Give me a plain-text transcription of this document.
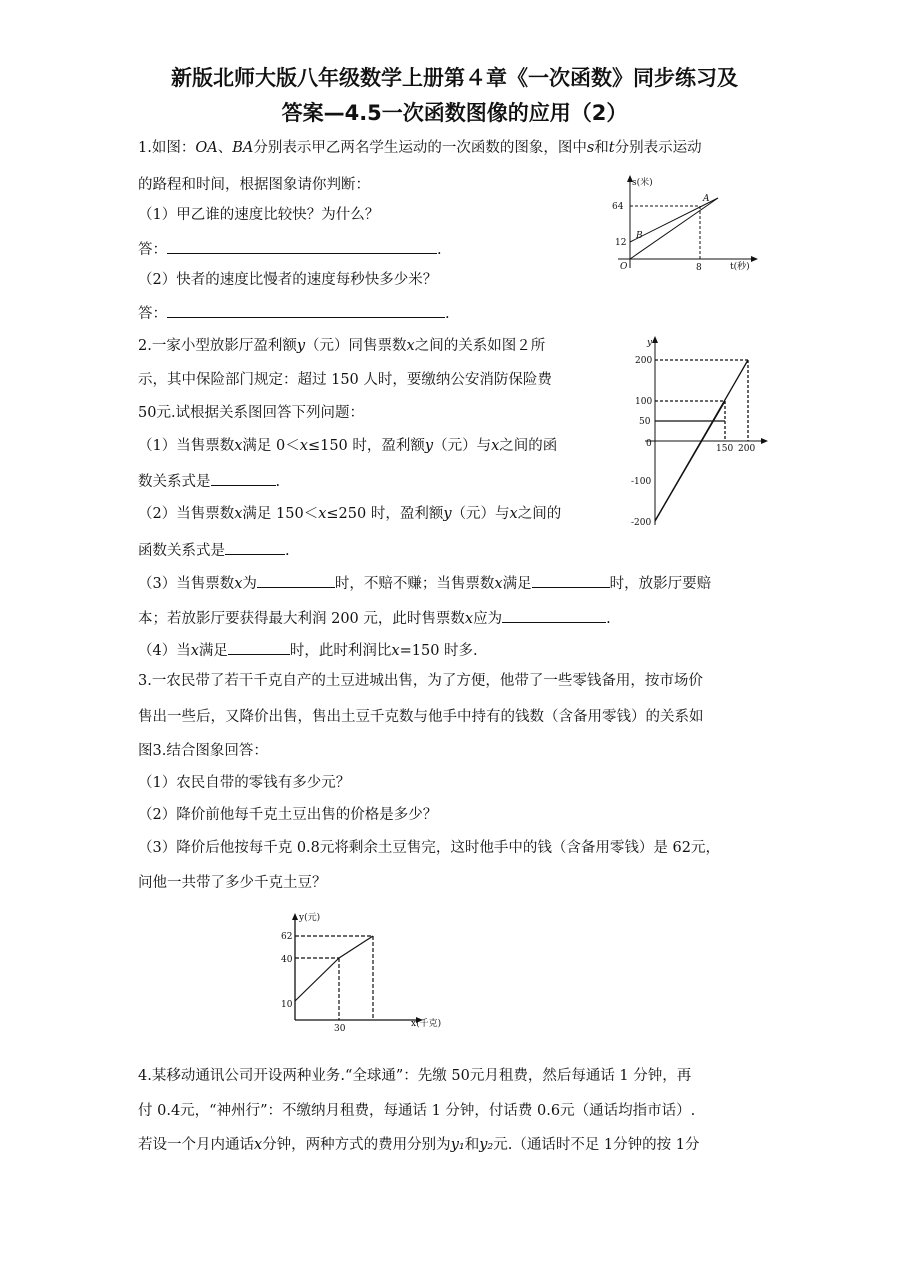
新版北师大版八年级数学上册第４章《一次函数》同步练习及
答案—4.5一次函数图像的应用（2）
1.如图：OA、BA分别表示甲乙两名学生运动的一次函数的图象，图中s和t分别表示运动
的路程和时间，根据图象请你判断：
（1）甲乙谁的速度比较快？为什么？
答：	.
（2）快者的速度比慢者的速度每秒快多少米？
答：	.
s(米)
64
12
B
A
O	8	t(秒)
2.一家小型放影厅盈利额y（元）同售票数x之间的关系如图２所
示，其中保险部门规定：超过 150 人时，要缴纳公安消防保险费
50元.试根据关系图回答下列问题：
（1）当售票数x满足 0＜x≤150 时，盈利额y（元）与x之间的函
数关系式是	.
（2）当售票数x满足 150＜x≤250 时，盈利额y（元）与x之间的
函数关系式是	.
（3）当售票数x为	时，不赔不赚；当售票数x满足	时，放影厅要赔
本；若放影厅要获得最大利润 200 元，此时售票数x应为	.
（4）当x满足	时，此时利润比x=150 时多.
y
200
100
50
0
-100
-200
150 200
3.一农民带了若干千克自产的土豆进城出售，为了方便，他带了一些零钱备用，按市场价
售出一些后，又降价出售，售出土豆千克数与他手中持有的钱数（含备用零钱）的关系如
图3.结合图象回答：
（1）农民自带的零钱有多少元？
（2）降价前他每千克土豆出售的价格是多少？
（3）降价后他按每千克 0.8元将剩余土豆售完，这时他手中的钱（含备用零钱）是 62元，
问他一共带了多少千克土豆？
y(元)
62
40
10
30	x(千克)
4.某移动通讯公司开设两种业务.“全球通”：先缴 50元月租费，然后每通话 1 分钟，再
付 0.4元，“神州行”：不缴纳月租费，每通话 1 分钟，付话费 0.6元（通话均指市话）.
若设一个月内通话x分钟，两种方式的费用分别为y₁和y₂元.（通话时不足 1分钟的按 1分
